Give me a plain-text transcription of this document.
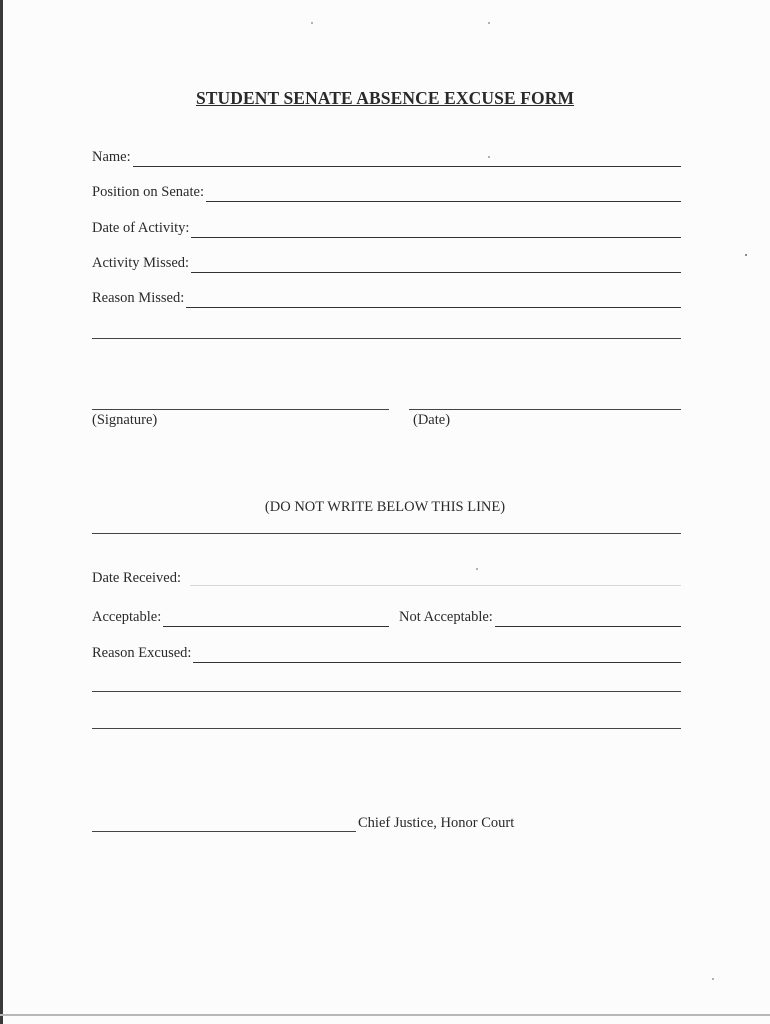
STUDENT SENATE ABSENCE EXCUSE FORM
Name:
Position on Senate:
Date of Activity:
Activity Missed:
Reason Missed:
(Signature)	(Date)
(DO NOT WRITE BELOW THIS LINE)
Date Received:
Acceptable:	Not Acceptable:
Reason Excused:
Chief Justice, Honor Court
